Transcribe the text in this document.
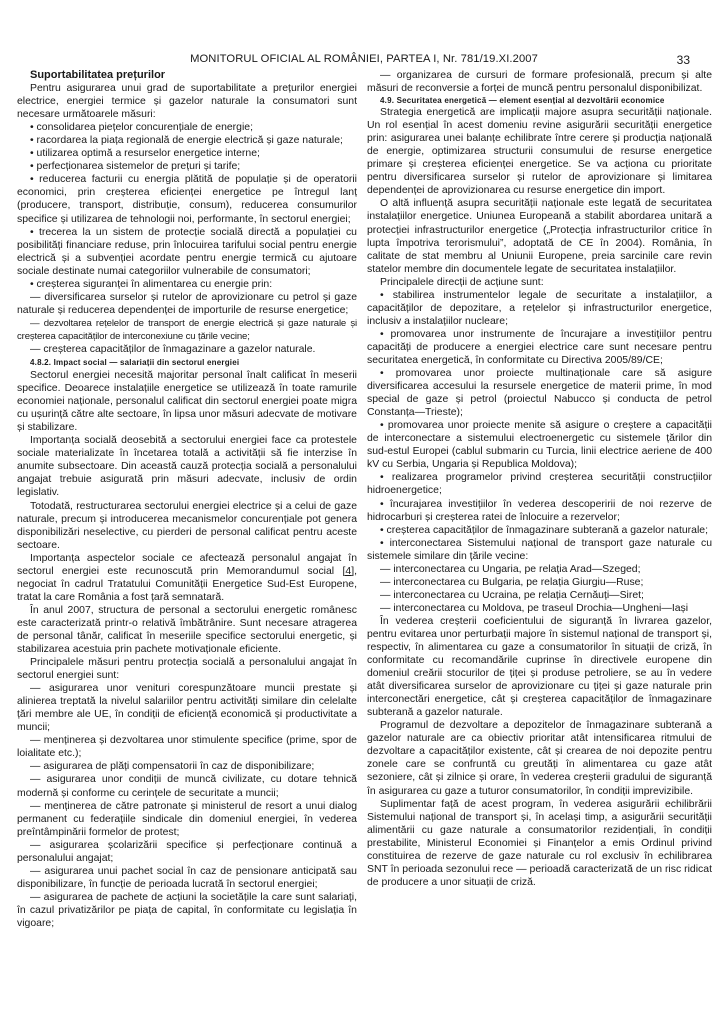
MONITORUL OFICIAL AL ROMÂNIEI, PARTEA I, Nr. 781/19.XI.2007	33

Suportabilitatea prețurilor

Pentru asigurarea unui grad de suportabilitate a prețurilor energiei electrice, energiei termice și gazelor naturale la consumatori sunt necesare următoarele măsuri:

• consolidarea piețelor concurențiale de energie;

• racordarea la piața regională de energie electrică și gaze naturale;

• utilizarea optimă a resurselor energetice interne;

• perfecționarea sistemelor de prețuri și tarife;

• reducerea facturii cu energia plătită de populație și de operatorii economici, prin creșterea eficienței energetice pe întregul lanț (producere, transport, distribuție, consum), reducerea consumurilor specifice și utilizarea de tehnologii noi, performante, în sectorul energiei;

• trecerea la un sistem de protecție socială directă a populației cu posibilități financiare reduse, prin înlocuirea tarifului social pentru energie electrică și a subvenției acordate pentru energie termică cu ajutoare sociale destinate numai categoriilor vulnerabile de consumatori;

• creșterea siguranței în alimentarea cu energie prin:

— diversificarea surselor și rutelor de aprovizionare cu petrol și gaze naturale și reducerea dependenței de importurile de resurse energetice;

— dezvoltarea rețelelor de transport de energie electrică și gaze naturale și creșterea capacităților de interconexiune cu țările vecine;

— creșterea capacităților de înmagazinare a gazelor naturale.

4.8.2. Impact social — salariații din sectorul energiei

Sectorul energiei necesită majoritar personal înalt calificat în meserii specifice. Deoarece instalațiile energetice se utilizează în toate ramurile economiei naționale, personalul calificat din sectorul energiei poate migra cu ușurință către alte sectoare, în lipsa unor măsuri adecvate de motivare și stabilizare.

Importanța socială deosebită a sectorului energiei face ca protestele sociale materializate în încetarea totală a activității să fie interzise în anumite subsectoare. Din această cauză protecția socială a personalului angajat trebuie asigurată prin măsuri adecvate, inclusiv de ordin legislativ.

Totodată, restructurarea sectorului energiei electrice și a celui de gaze naturale, precum și introducerea mecanismelor concurențiale pot genera disponibilizări neselective, cu pierderi de personal calificat pentru aceste sectoare.

Importanța aspectelor sociale ce afectează personalul angajat în sectorul energiei este recunoscută prin Memorandumul social [4], negociat în cadrul Tratatului Comunității Energetice Sud-Est Europene, tratat la care România a fost țară semnatară.

În anul 2007, structura de personal a sectorului energetic românesc este caracterizată printr-o relativă îmbătrânire. Sunt necesare atragerea de personal tânăr, calificat în meseriile specifice sectorului energetic, și stabilizarea acestuia prin pachete motivaționale eficiente.

Principalele măsuri pentru protecția socială a personalului angajat în sectorul energiei sunt:

— asigurarea unor venituri corespunzătoare muncii prestate și alinierea treptată la nivelul salariilor pentru activități similare din celelalte țări membre ale UE, în condiții de eficiență economică și productivitate a muncii;

— menținerea și dezvoltarea unor stimulente specifice (prime, spor de loialitate etc.);

— asigurarea de plăți compensatorii în caz de disponibilizare;

— asigurarea unor condiții de muncă civilizate, cu dotare tehnică modernă și conforme cu cerințele de securitate a muncii;

— menținerea de către patronate și ministerul de resort a unui dialog permanent cu federațiile sindicale din domeniul energiei, în vederea preîntâmpinării formelor de protest;

— asigurarea școlarizării specifice și perfecționare continuă a personalului angajat;

— asigurarea unui pachet social în caz de pensionare anticipată sau disponibilizare, în funcție de perioada lucrată în sectorul energiei;

— asigurarea de pachete de acțiuni la societățile la care sunt salariați, în cazul privatizărilor pe piața de capital, în conformitate cu legislația în vigoare;

— organizarea de cursuri de formare profesională, precum și alte măsuri de reconversie a forței de muncă pentru personalul disponibilizat.

4.9. Securitatea energetică — element esențial al dezvoltării economice

Strategia energetică are implicații majore asupra securității naționale. Un rol esențial în acest domeniu revine asigurării securității energetice prin: asigurarea unei balanțe echilibrate între cerere și producția națională de energie, optimizarea structurii consumului de resurse energetice primare și creșterea eficienței energetice. Se va acționa cu prioritate pentru diversificarea surselor și rutelor de aprovizionare și limitarea dependenței de aprovizionarea cu resurse energetice din import.

O altă influență asupra securității naționale este legată de securitatea instalațiilor energetice. Uniunea Europeană a stabilit abordarea unitară a protecției infrastructurilor energetice („Protecția infrastructurilor critice în lupta împotriva terorismului”, adoptată de CE în 2004). România, în calitate de stat membru al Uniunii Europene, preia sarcinile care revin statelor membre din documentele legate de securitatea instalațiilor.

Principalele direcții de acțiune sunt:

• stabilirea instrumentelor legale de securitate a instalațiilor, a capacităților de depozitare, a rețelelor și infrastructurilor energetice, inclusiv a instalațiilor nucleare;

• promovarea unor instrumente de încurajare a investițiilor pentru capacități de producere a energiei electrice care sunt necesare pentru securitatea energetică, în conformitate cu Directiva 2005/89/CE;

• promovarea unor proiecte multinaționale care să asigure diversificarea accesului la resursele energetice de materii prime, în mod special de gaze și petrol (proiectul Nabucco și conducta de petrol Constanța—Trieste);

• promovarea unor proiecte menite să asigure o creștere a capacității de interconectare a sistemului electroenergetic cu sistemele țărilor din sud-estul Europei (cablul submarin cu Turcia, linii electrice aeriene de 400 kV cu Serbia, Ungaria și Republica Moldova);

• realizarea programelor privind creșterea securității construcțiilor hidroenergetice;

• încurajarea investițiilor în vederea descoperirii de noi rezerve de hidrocarburi și creșterea ratei de înlocuire a rezervelor;

• creșterea capacităților de înmagazinare subterană a gazelor naturale;

• interconectarea Sistemului național de transport gaze naturale cu sistemele similare din țările vecine:

— interconectarea cu Ungaria, pe relația Arad—Szeged;

— interconectarea cu Bulgaria, pe relația Giurgiu—Ruse;

— interconectarea cu Ucraina, pe relația Cernăuți—Siret;

— interconectarea cu Moldova, pe traseul Drochia—Ungheni—Iași

În vederea creșterii coeficientului de siguranță în livrarea gazelor, pentru evitarea unor perturbații majore în sistemul național de transport și, respectiv, în alimentarea cu gaze a consumatorilor în situații de criză, în conformitate cu recomandările cuprinse în directivele europene din domeniul creării stocurilor de țiței și produse petroliere, se au în vedere atât diversificarea surselor de aprovizionare cu țiței și gaze naturale prin interconectări energetice, cât și creșterea capacităților de înmagazinare subterană a gazelor naturale.

Programul de dezvoltare a depozitelor de înmagazinare subterană a gazelor naturale are ca obiectiv prioritar atât intensificarea ritmului de dezvoltare a capacităților existente, cât și crearea de noi depozite pentru zonele care se confruntă cu greutăți în alimentarea cu gaze atât sezoniere, cât și zilnice și orare, în vederea creșterii gradului de siguranță în asigurarea cu gaze a tuturor consumatorilor, în condiții imprevizibile.

Suplimentar față de acest program, în vederea asigurării echilibrării Sistemului național de transport și, în același timp, a asigurării securității alimentării cu gaze naturale a consumatorilor rezidențiali, în condiții prestabilite, Ministerul Economiei și Finanțelor a emis Ordinul privind constituirea de rezerve de gaze naturale cu rol exclusiv în echilibrarea SNT în perioada sezonului rece — perioadă caracterizată de un risc ridicat de producere a unor situații de criză.
